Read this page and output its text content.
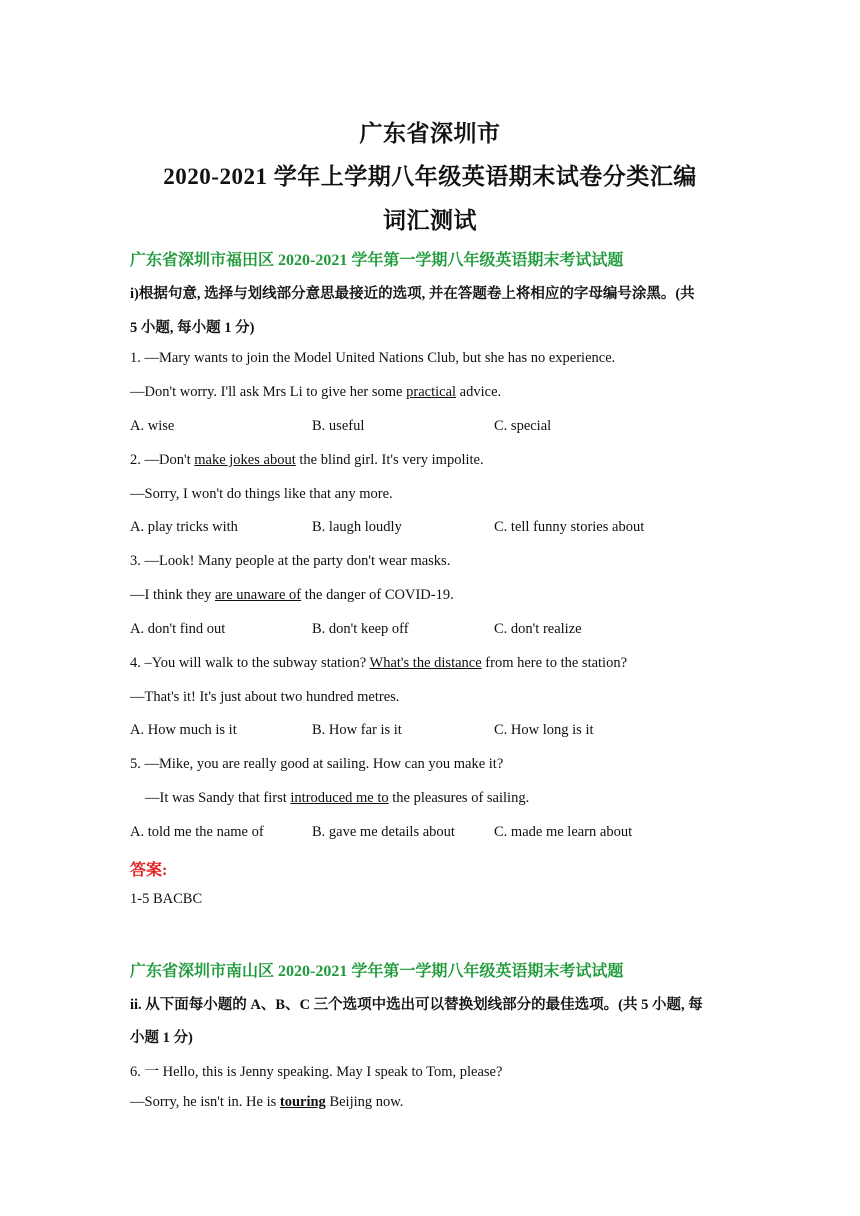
广东省深圳市
2020-2021 学年上学期八年级英语期末试卷分类汇编
词汇测试
广东省深圳市福田区 2020-2021 学年第一学期八年级英语期末考试试题
i)根据句意, 选择与划线部分意思最接近的选项, 并在答题卷上将相应的字母编号涂黑。(共
5 小题, 每小题 1 分)
1. —Mary wants to join the Model United Nations Club, but she has no experience.
—Don't worry. I'll ask Mrs Li to give her some practical advice.
A. wise	B. useful	C. special
2. —Don't make jokes about the blind girl. It's very impolite.
—Sorry, I won't do things like that any more.
A. play tricks with	B. laugh loudly	C. tell funny stories about
3. —Look! Many people at the party don't wear masks.
—I think they are unaware of the danger of COVID-19.
A. don't find out	B. don't keep off	C. don't realize
4. –You will walk to the subway station? What's the distance from here to the station?
—That's it! It's just about two hundred metres.
A. How much is it	B. How far is it	C. How long is it
5. —Mike, you are really good at sailing. How can you make it?
—It was Sandy that first introduced me to the pleasures of sailing.
A. told me the name of	B. gave me details about	C. made me learn about
答案:
1-5 BACBC
广东省深圳市南山区 2020-2021 学年第一学期八年级英语期末考试试题
ii. 从下面每小题的 A、B、C 三个选项中选出可以替换划线部分的最佳选项。(共 5 小题, 每
小题 1 分)
6. 一 Hello, this is Jenny speaking. May I speak to Tom, please?
—Sorry, he isn't in. He is touring Beijing now.
